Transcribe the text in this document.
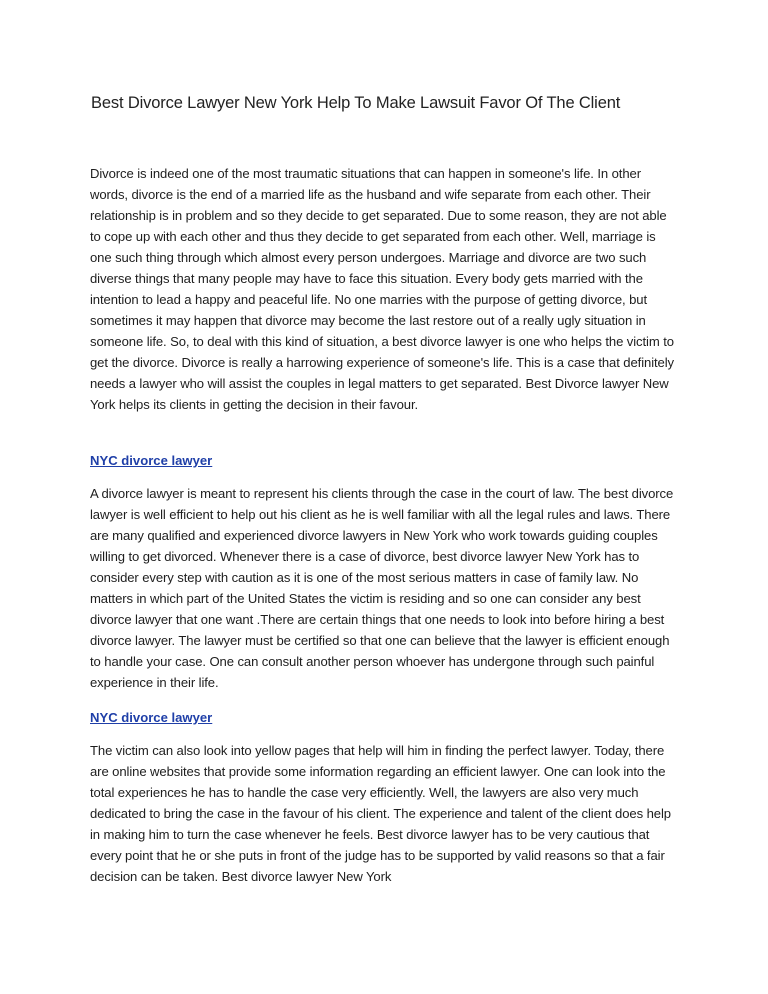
Best Divorce Lawyer New York Help To Make Lawsuit Favor Of The Client

Divorce is indeed one of the most traumatic situations that can happen in someone's life. In other words, divorce is the end of a married life as the husband and wife separate from each other. Their relationship is in problem and so they decide to get separated. Due to some reason, they are not able to cope up with each other and thus they decide to get separated from each other. Well, marriage is one such thing through which almost every person undergoes. Marriage and divorce are two such diverse things that many people may have to face this situation. Every body gets married with the intention to lead a happy and peaceful life. No one marries with the purpose of getting divorce, but sometimes it may happen that divorce may become the last restore out of a really ugly situation in someone life. So, to deal with this kind of situation, a best divorce lawyer is one who helps the victim to get the divorce. Divorce is really a harrowing experience of someone's life. This is a case that definitely needs a lawyer who will assist the couples in legal matters to get separated. Best Divorce lawyer New York helps its clients in getting the decision in their favour.

NYC divorce lawyer

A divorce lawyer is meant to represent his clients through the case in the court of law. The best divorce lawyer is well efficient to help out his client as he is well familiar with all the legal rules and laws. There are many qualified and experienced divorce lawyers in New York who work towards guiding couples willing to get divorced. Whenever there is a case of divorce, best divorce lawyer New York has to consider every step with caution as it is one of the most serious matters in case of family law. No matters in which part of the United States the victim is residing and so one can consider any best divorce lawyer that one want .There are certain things that one needs to look into before hiring a best divorce lawyer. The lawyer must be certified so that one can believe that the lawyer is efficient enough to handle your case. One can consult another person whoever has undergone through such painful experience in their life.

NYC divorce lawyer

The victim can also look into yellow pages that help will him in finding the perfect lawyer. Today, there are online websites that provide some information regarding an efficient lawyer. One can look into the total experiences he has to handle the case very efficiently. Well, the lawyers are also very much dedicated to bring the case in the favour of his client. The experience and talent of the client does help in making him to turn the case whenever he feels. Best divorce lawyer has to be very cautious that every point that he or she puts in front of the judge has to be supported by valid reasons so that a fair decision can be taken. Best divorce lawyer New York
